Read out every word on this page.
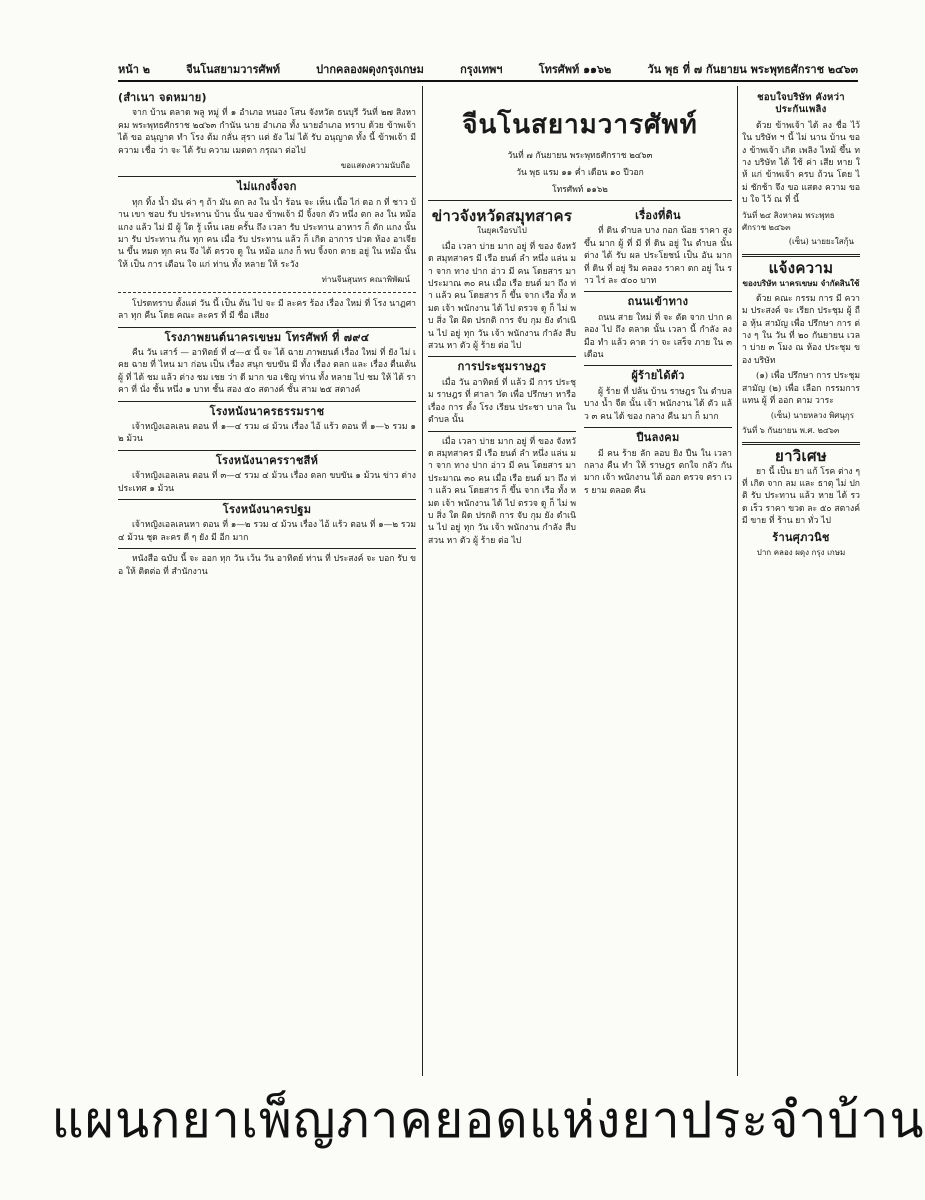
หน้า ๒	จีนโนสยามวารศัพท์	ปากคลองผดุงกรุงเกษม	กรุงเทพฯ	โทรศัพท์ ๑๑๖๒	วัน พุธ ที่ ๗ กันยายน พระพุทธศักราช ๒๔๖๓
(สำเนา จดหมาย)

จาก บ้าน ตลาด พลู หมู่ ที่ ๑ อำเภอ หนอง โสน จังหวัด ธนบุรี วันที่ ๒๗ สิงหาคม พระพุทธศักราช ๒๔๖๓ กำนัน นาย อำเภอ ทั้ง นายอำเภอ ทราบ ด้วย ข้าพเจ้า ได้ ขอ อนุญาต ทำ โรง ต้ม กลั่น สุรา แต่ ยัง ไม่ ได้ รับ อนุญาต ทั้ง นี้ ข้าพเจ้า มี ความ เชื่อ ว่า จะ ได้ รับ ความ เมตตา กรุณา ต่อไป

ขอแสดงความนับถือ
ไม่แกงจิ้งจก

ทุก ทิ้ง น้ำ มัน ค่า ๆ ถ้า มัน ตก ลง ใน น้ำ ร้อน จะ เห็น เนื้อ ไก่ ดอ ก ที่ ชาว บ้าน เขา ชอบ รับ ประทาน บ้าน นั้น ของ ข้าพเจ้า มี จิ้งจก ตัว หนึ่ง ตก ลง ใน หม้อ แกง แล้ว ไม่ มี ผู้ ใด รู้ เห็น เลย ครั้น ถึง เวลา รับ ประทาน อาหาร ก็ ตัก แกง นั้น มา รับ ประทาน กัน ทุก คน เมื่อ รับ ประทาน แล้ว ก็ เกิด อาการ ปวด ท้อง อาเจียน ขึ้น หมด ทุก คน จึง ได้ ตรวจ ดู ใน หม้อ แกง ก็ พบ จิ้งจก ตาย อยู่ ใน หม้อ นั้น ให้ เป็น การ เตือน ใจ แก่ ท่าน ทั้ง หลาย ให้ ระวัง

ท่านจีนสุนทร คณาพิพัฒน์

โปรดทราบ ตั้งแต่ วัน นี้ เป็น ต้น ไป จะ มี ละคร ร้อง เรื่อง ใหม่ ที่ โรง นาฏศาลา ทุก คืน โดย คณะ ละคร ที่ มี ชื่อ เสียง

โรงภาพยนต์นาครเขษม โทรศัพท์ ที่ ๗๙๔

คืน วัน เสาร์ — อาทิตย์ ที่ ๔—๕ นี้ จะ ได้ ฉาย ภาพยนต์ เรื่อง ใหม่ ที่ ยัง ไม่ เคย ฉาย ที่ ไหน มา ก่อน เป็น เรื่อง สนุก ขบขัน มี ทั้ง เรื่อง ตลก และ เรื่อง ตื่นเต้น ผู้ ที่ ได้ ชม แล้ว ต่าง ชม เชย ว่า ดี มาก ขอ เชิญ ท่าน ทั้ง หลาย ไป ชม ให้ ได้ ราคา ที่ นั่ง ชั้น หนึ่ง ๑ บาท ชั้น สอง ๕๐ สตางค์ ชั้น สาม ๒๕ สตางค์

โรงหนังนาครธรรมราช

เจ้าหญิงเอลเลน ตอน ที่ ๑—๔ รวม ๘ ม้วน เรื่อง ไอ้ แร้ว ตอน ที่ ๑—๖ รวม ๑๒ ม้วน

โรงหนังนาครราชสีห์

เจ้าหญิงเอลเลน ตอน ที่ ๓—๔ รวม ๔ ม้วน เรื่อง ตลก ขบขัน ๑ ม้วน ข่าว ต่าง ประเทศ ๑ ม้วน

โรงหนังนาครปฐม

เจ้าหญิงเอลเลนหา ตอน ที่ ๑—๒ รวม ๔ ม้วน เรื่อง ไอ้ แร้ว ตอน ที่ ๑—๒ รวม ๔ ม้วน ชุด ละคร ดี ๆ ยัง มี อีก มาก

หนังสือ ฉบับ นี้ จะ ออก ทุก วัน เว้น วัน อาทิตย์ ท่าน ที่ ประสงค์ จะ บอก รับ ขอ ให้ ติดต่อ ที่ สำนักงาน

จีนโนสยามวารศัพท์
วันที่ ๗ กันยายน พระพุทธศักราช ๒๔๖๓
วัน พุธ แรม ๑๑ ค่ำ เดือน ๑๐ ปีวอก
โทรศัพท์ ๑๑๖๒
ข่าวจังหวัดสมุทสาคร
ในยุคเรือรบไป

เมื่อ เวลา บ่าย มาก อยู่ ที่ ของ จังหวัด สมุทสาคร มี เรือ ยนต์ ลำ หนึ่ง แล่น มา จาก ทาง ปาก อ่าว มี คน โดยสาร มา ประมาณ ๓๐ คน เมื่อ เรือ ยนต์ มา ถึง ท่า แล้ว คน โดยสาร ก็ ขึ้น จาก เรือ ทั้ง หมด เจ้า พนักงาน ได้ ไป ตรวจ ดู ก็ ไม่ พบ สิ่ง ใด ผิด ปรกติ การ จับ กุม ยัง ดำเนิน ไป อยู่ ทุก วัน เจ้า พนักงาน กำลัง สืบ สวน หา ตัว ผู้ ร้าย ต่อ ไป

การประชุมราษฎร

เมื่อ วัน อาทิตย์ ที่ แล้ว มี การ ประชุม ราษฎร ที่ ศาลา วัด เพื่อ ปรึกษา หารือ เรื่อง การ ตั้ง โรง เรียน ประชา บาล ใน ตำบล นั้น

เมื่อ เวลา บ่าย มาก อยู่ ที่ ของ จังหวัด สมุทสาคร มี เรือ ยนต์ ลำ หนึ่ง แล่น มา จาก ทาง ปาก อ่าว มี คน โดยสาร มา ประมาณ ๓๐ คน เมื่อ เรือ ยนต์ มา ถึง ท่า แล้ว คน โดยสาร ก็ ขึ้น จาก เรือ ทั้ง หมด เจ้า พนักงาน ได้ ไป ตรวจ ดู ก็ ไม่ พบ สิ่ง ใด ผิด ปรกติ การ จับ กุม ยัง ดำเนิน ไป อยู่ ทุก วัน เจ้า พนักงาน กำลัง สืบ สวน หา ตัว ผู้ ร้าย ต่อ ไป

เรื่องที่ดิน

ที่ ดิน ตำบล บาง กอก น้อย ราคา สูง ขึ้น มาก ผู้ ที่ มี ที่ ดิน อยู่ ใน ตำบล นั้น ต่าง ได้ รับ ผล ประโยชน์ เป็น อัน มาก ที่ ดิน ที่ อยู่ ริม คลอง ราคา ตก อยู่ ใน ราว ไร่ ละ ๕๐๐ บาท

ถนนเข้าทาง

ถนน สาย ใหม่ ที่ จะ ตัด จาก ปาก คลอง ไป ถึง ตลาด นั้น เวลา นี้ กำลัง ลง มือ ทำ แล้ว คาด ว่า จะ เสร็จ ภาย ใน ๓ เดือน

ผู้ร้ายได้ตัว

ผู้ ร้าย ที่ ปล้น บ้าน ราษฎร ใน ตำบล บาง น้ำ จืด นั้น เจ้า พนักงาน ได้ ตัว แล้ว ๓ คน ได้ ของ กลาง คืน มา ก็ มาก

ปืนลงคม

มี คน ร้าย ลัก ลอบ ยิง ปืน ใน เวลา กลาง คืน ทำ ให้ ราษฎร ตกใจ กลัว กัน มาก เจ้า พนักงาน ได้ ออก ตรวจ ตรา เวร ยาม ตลอด คืน

ชอบใจบริษัท คังหว่า ประกันเพลิง

ด้วย ข้าพเจ้า ได้ ลง ชื่อ ไว้ ใน บริษัท ฯ นี้ ไม่ นาน บ้าน ของ ข้าพเจ้า เกิด เพลิง ไหม้ ขึ้น ทาง บริษัท ได้ ใช้ ค่า เสีย หาย ให้ แก่ ข้าพเจ้า ครบ ถ้วน โดย ไม่ ชักช้า จึง ขอ แสดง ความ ขอบ ใจ ไว้ ณ ที่ นี้

วันที่ ๒๔ สิงหาคม พระพุทธศักราช ๒๔๖๓
(เซ็น) นายยะใสกุ้น
แจ้งความ
ของบริษัท นาครเขษม จำกัดสินใช้

ด้วย คณะ กรรม การ มี ความ ประสงค์ จะ เรียก ประชุม ผู้ ถือ หุ้น สามัญ เพื่อ ปรึกษา การ ต่าง ๆ ใน วัน ที่ ๒๐ กันยายน เวลา บ่าย ๓ โมง ณ ห้อง ประชุม ของ บริษัท

(๑) เพื่อ ปรึกษา การ ประชุม สามัญ (๒) เพื่อ เลือก กรรมการ แทน ผู้ ที่ ออก ตาม วาระ

(เซ็น) นายหลวง พิศนุกุร
วันที่ ๖ กันยายน พ.ศ. ๒๔๖๓
ยาวิเศษ

ยา นี้ เป็น ยา แก้ โรค ต่าง ๆ ที่ เกิด จาก ลม และ ธาตุ ไม่ ปกติ รับ ประทาน แล้ว หาย ได้ รวด เร็ว ราคา ขวด ละ ๕๐ สตางค์ มี ขาย ที่ ร้าน ยา ทั่ว ไป

ร้านศุภวนิช
ปาก คลอง ผดุง กรุง เกษม
แผนกยาเพ็ญภาคยอดแห่งยาประจำบ้าน
